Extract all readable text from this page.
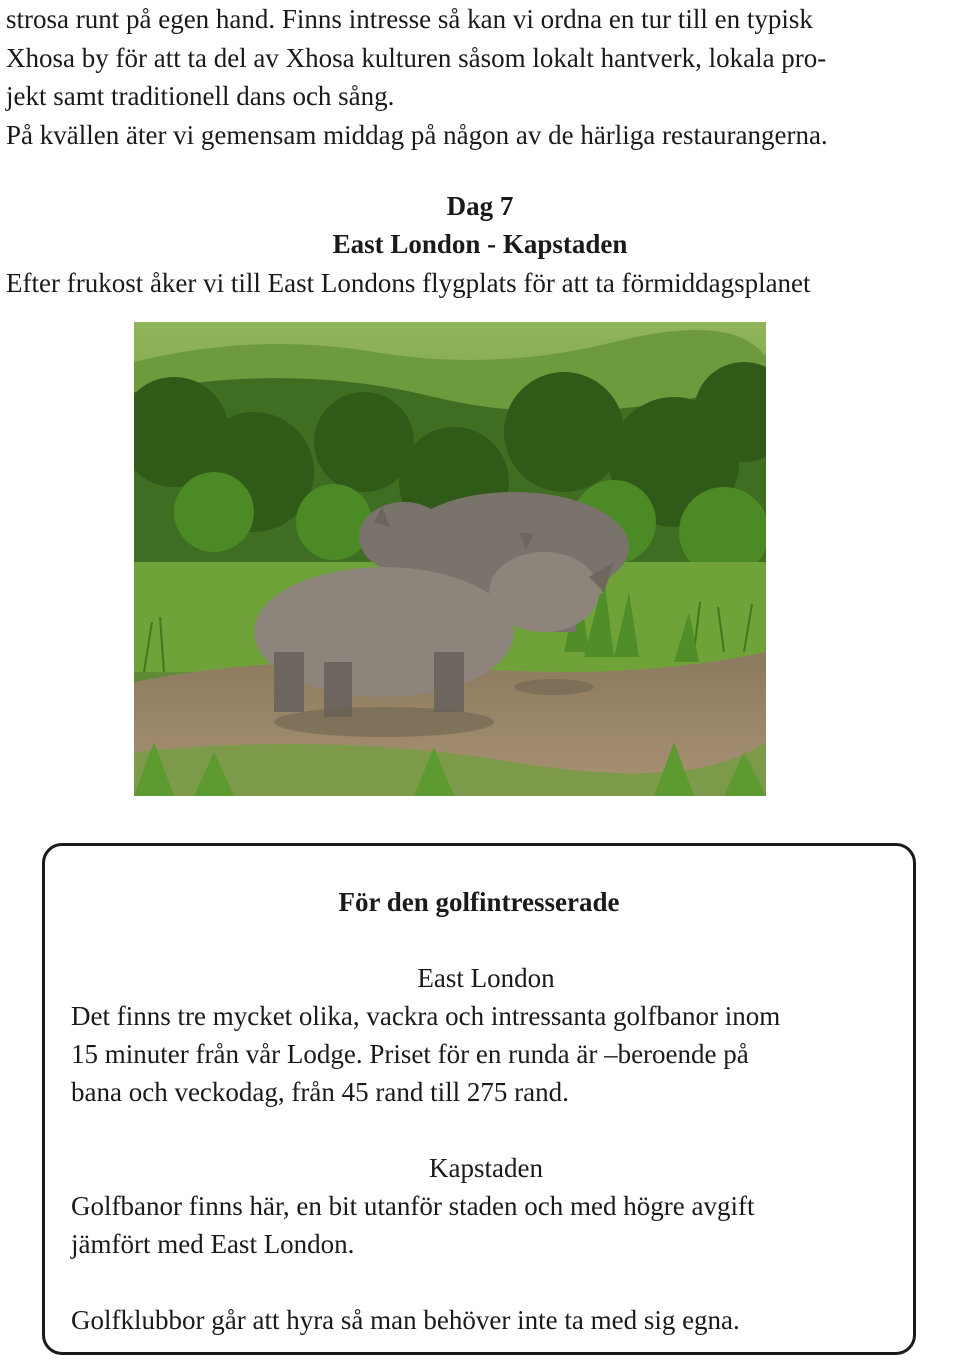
strosa runt på egen hand. Finns intresse så kan vi ordna en tur till en typisk

Xhosa by för att ta del av Xhosa kulturen såsom lokalt hantverk, lokala pro-

jekt samt traditionell dans och sång.

På kvällen äter vi gemensam middag på någon av de härliga restaurangerna.

Dag 7
East London - Kapstaden
Efter frukost åker vi till East Londons flygplats för att ta förmiddagsplanet
För den golfintresserade
East London
Det finns tre mycket olika, vackra och intressanta golfbanor inom
15 minuter från vår Lodge. Priset för en runda är –beroende på
bana och veckodag, från 45 rand till 275 rand.
Kapstaden
Golfbanor finns här, en bit utanför staden och med högre avgift
jämfört med East London.
Golfklubbor går att hyra så man behöver inte ta med sig egna.
